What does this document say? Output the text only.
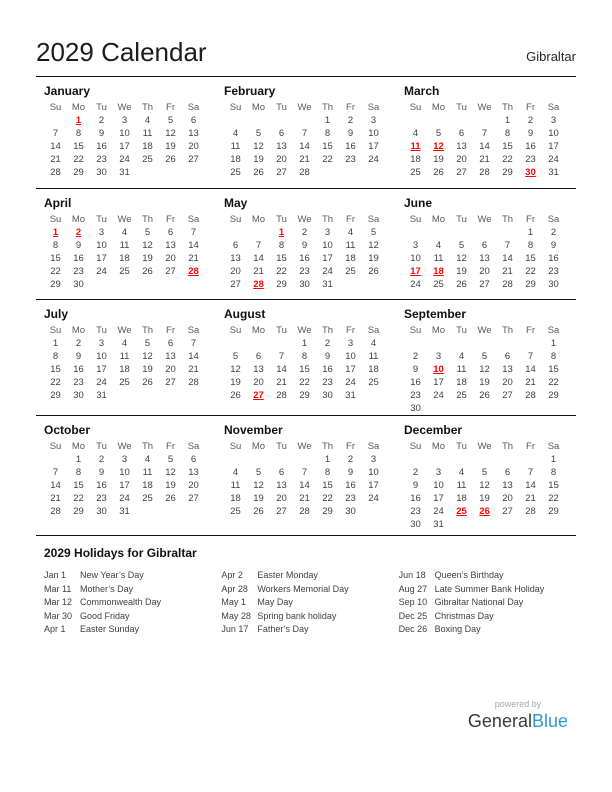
2029 Calendar	Gibraltar
January
Su	Mo	Tu	We	Th	Fr	Sa
	1	2	3	4	5	6
7	8	9	10	11	12	13
14	15	16	17	18	19	20
21	22	23	24	25	26	27
28	29	30	31			
February
Su	Mo	Tu	We	Th	Fr	Sa
				1	2	3
4	5	6	7	8	9	10
11	12	13	14	15	16	17
18	19	20	21	22	23	24
25	26	27	28			
March
Su	Mo	Tu	We	Th	Fr	Sa
				1	2	3
4	5	6	7	8	9	10
11	12	13	14	15	16	17
18	19	20	21	22	23	24
25	26	27	28	29	30	31
April
Su	Mo	Tu	We	Th	Fr	Sa
1	2	3	4	5	6	7
8	9	10	11	12	13	14
15	16	17	18	19	20	21
22	23	24	25	26	27	28
29	30					
May
Su	Mo	Tu	We	Th	Fr	Sa
		1	2	3	4	5
6	7	8	9	10	11	12
13	14	15	16	17	18	19
20	21	22	23	24	25	26
27	28	29	30	31		
June
Su	Mo	Tu	We	Th	Fr	Sa
					1	2
3	4	5	6	7	8	9
10	11	12	13	14	15	16
17	18	19	20	21	22	23
24	25	26	27	28	29	30
July
Su	Mo	Tu	We	Th	Fr	Sa
1	2	3	4	5	6	7
8	9	10	11	12	13	14
15	16	17	18	19	20	21
22	23	24	25	26	27	28
29	30	31				
August
Su	Mo	Tu	We	Th	Fr	Sa
			1	2	3	4
5	6	7	8	9	10	11
12	13	14	15	16	17	18
19	20	21	22	23	24	25
26	27	28	29	30	31	
September
Su	Mo	Tu	We	Th	Fr	Sa
						1
2	3	4	5	6	7	8
9	10	11	12	13	14	15
16	17	18	19	20	21	22
23	24	25	26	27	28	29
30						
October
Su	Mo	Tu	We	Th	Fr	Sa
	1	2	3	4	5	6
7	8	9	10	11	12	13
14	15	16	17	18	19	20
21	22	23	24	25	26	27
28	29	30	31			
November
Su	Mo	Tu	We	Th	Fr	Sa
				1	2	3
4	5	6	7	8	9	10
11	12	13	14	15	16	17
18	19	20	21	22	23	24
25	26	27	28	29	30	
December
Su	Mo	Tu	We	Th	Fr	Sa
						1
2	3	4	5	6	7	8
9	10	11	12	13	14	15
16	17	18	19	20	21	22
23	24	25	26	27	28	29
30	31					
2029 Holidays for Gibraltar
Jan 1	New Year’s Day
Mar 11 Mother’s Day
Mar 12 Commonwealth Day
Mar 30 Good Friday
Apr 1	Easter Sunday
Apr 2	Easter Monday
Apr 28	Workers Memorial Day
May 1	May Day
May 28 Spring bank holiday
Jun 17 Father’s Day
Jun 18 Queen’s Birthday
Aug 27 Late Summer Bank Holiday
Sep 10 Gibraltar National Day
Dec 25 Christmas Day
Dec 26 Boxing Day
powered by
GeneralBlue
